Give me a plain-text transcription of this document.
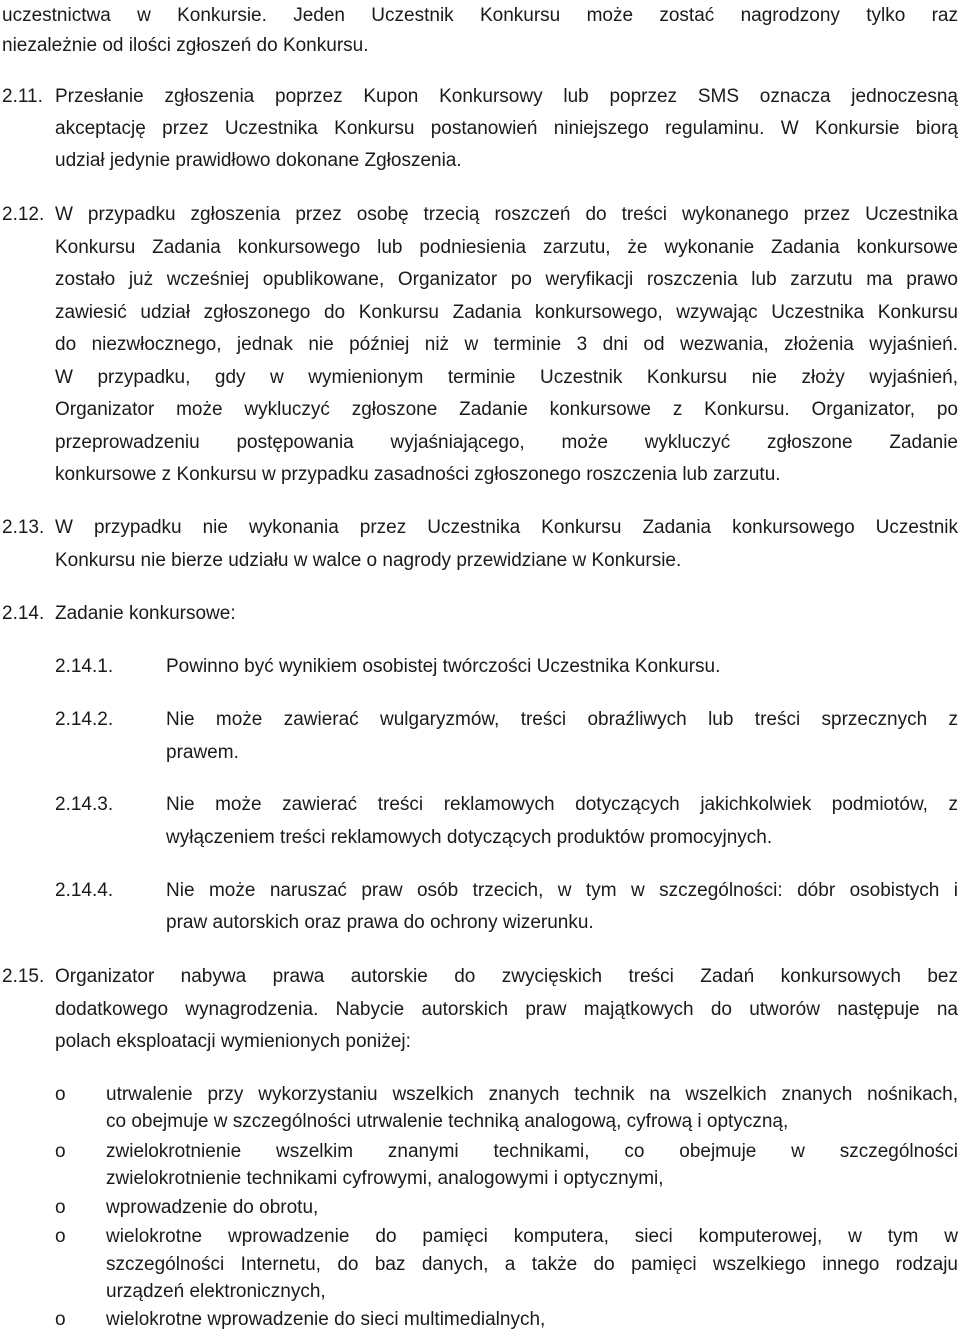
uczestnictwa w Konkursie. Jeden Uczestnik Konkursu może zostać nagrodzony tylko raz
niezależnie od ilości zgłoszeń do Konkursu.
2.11. Przesłanie zgłoszenia poprzez Kupon Konkursowy lub poprzez SMS oznacza jednoczesną
akceptację przez Uczestnika Konkursu postanowień niniejszego regulaminu. W Konkursie biorą
udział jedynie prawidłowo dokonane Zgłoszenia.
2.12. W przypadku zgłoszenia przez osobę trzecią roszczeń do treści wykonanego przez Uczestnika
Konkursu Zadania konkursowego lub podniesienia zarzutu, że wykonanie Zadania konkursowe
zostało już wcześniej opublikowane, Organizator po weryfikacji roszczenia lub zarzutu ma prawo
zawiesić udział zgłoszonego do Konkursu Zadania konkursowego, wzywając Uczestnika Konkursu
do niezwłocznego, jednak nie później niż w terminie 3 dni od wezwania, złożenia wyjaśnień.
W przypadku, gdy w wymienionym terminie Uczestnik Konkursu nie złoży wyjaśnień,
Organizator może wykluczyć zgłoszone Zadanie konkursowe z Konkursu. Organizator, po
przeprowadzeniu postępowania wyjaśniającego, może wykluczyć zgłoszone Zadanie
konkursowe z Konkursu w przypadku zasadności zgłoszonego roszczenia lub zarzutu.
2.13. W przypadku nie wykonania przez Uczestnika Konkursu Zadania konkursowego Uczestnik
Konkursu nie bierze udziału w walce o nagrody przewidziane w Konkursie.
2.14. Zadanie konkursowe:
2.14.1.	Powinno być wynikiem osobistej twórczości Uczestnika Konkursu.
2.14.2.	Nie może zawierać wulgaryzmów, treści obraźliwych lub treści sprzecznych z
prawem.
2.14.3.	Nie może zawierać treści reklamowych dotyczących jakichkolwiek podmiotów, z
wyłączeniem treści reklamowych dotyczących produktów promocyjnych.
2.14.4.	Nie może naruszać praw osób trzecich, w tym w szczególności: dóbr osobistych i
praw autorskich oraz prawa do ochrony wizerunku.
2.15. Organizator nabywa prawa autorskie do zwycięskich treści Zadań konkursowych bez
dodatkowego wynagrodzenia. Nabycie autorskich praw majątkowych do utworów następuje na
polach eksploatacji wymienionych poniżej:
o utrwalenie przy wykorzystaniu wszelkich znanych technik na wszelkich znanych nośnikach,
co obejmuje w szczególności utrwalenie techniką analogową, cyfrową i optyczną,
o zwielokrotnienie wszelkim znanymi technikami, co obejmuje w szczególności
zwielokrotnienie technikami cyfrowymi, analogowymi i optycznymi,
o wprowadzenie do obrotu,
o wielokrotne wprowadzenie do pamięci komputera, sieci komputerowej, w tym w
szczególności Internetu, do baz danych, a także do pamięci wszelkiego innego rodzaju
urządzeń elektronicznych,
o wielokrotne wprowadzenie do sieci multimedialnych,
